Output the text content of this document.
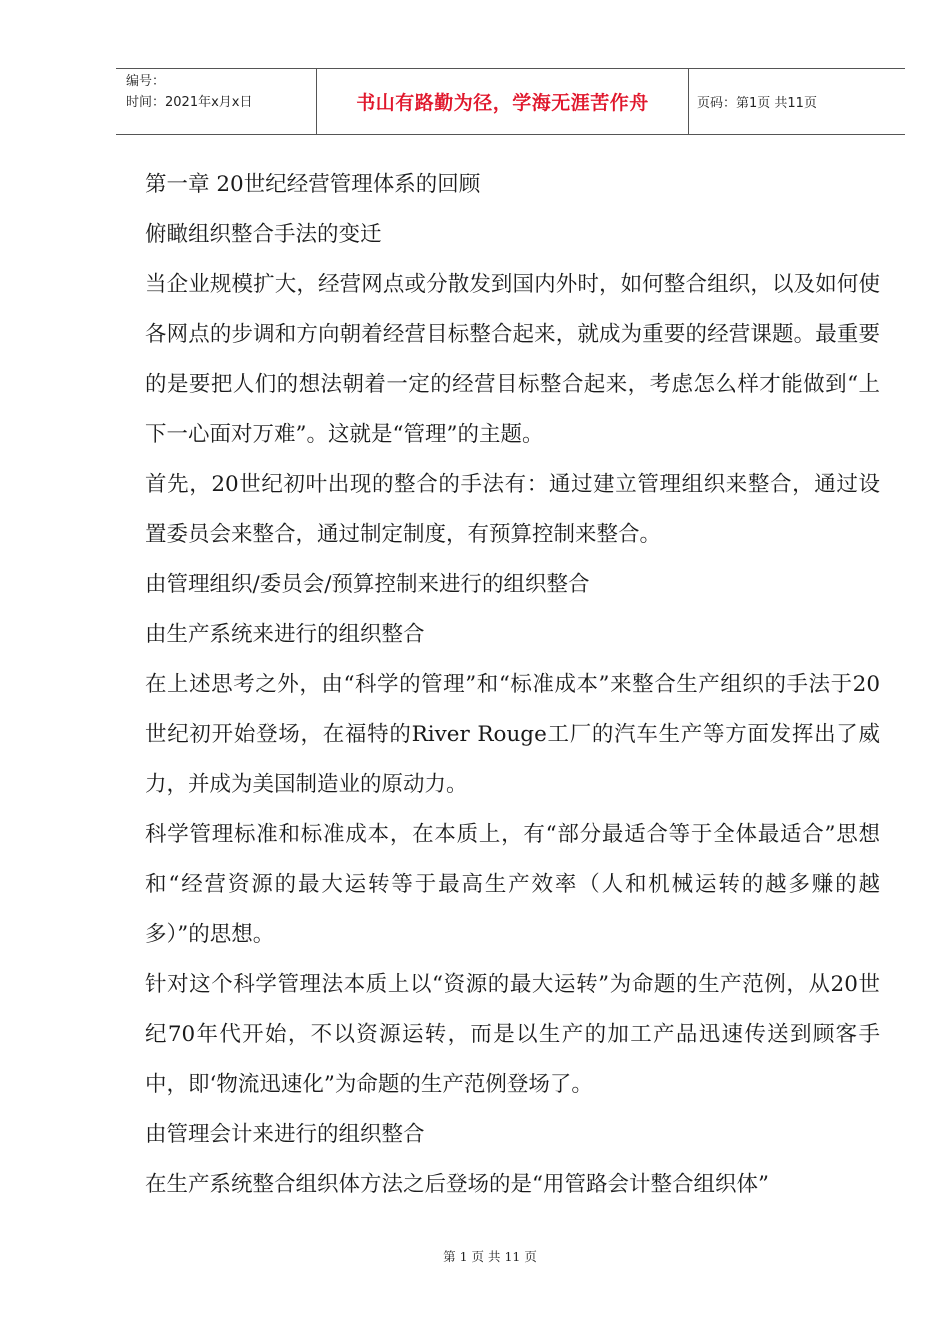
编号：
时间：2021年x月x日	书山有路勤为径，学海无涯苦作舟	页码：第1页 共11页

第一章 20世纪经营管理体系的回顾

俯瞰组织整合手法的变迁

当企业规模扩大，经营网点或分散发到国内外时，如何整合组织，以及如何使各网点的步调和方向朝着经营目标整合起来，就成为重要的经营课题。最重要的是要把人们的想法朝着一定的经营目标整合起来，考虑怎么样才能做到“上下一心面对万难”。这就是“管理”的主题。

首先，20世纪初叶出现的整合的手法有：通过建立管理组织来整合，通过设置委员会来整合，通过制定制度，有预算控制来整合。

由管理组织/委员会/预算控制来进行的组织整合

由生产系统来进行的组织整合

在上述思考之外，由“科学的管理”和“标准成本”来整合生产组织的手法于20世纪初开始登场，在福特的River Rouge工厂的汽车生产等方面发挥出了威力，并成为美国制造业的原动力。

科学管理标准和标准成本，在本质上，有“部分最适合等于全体最适合”思想和“经营资源的最大运转等于最高生产效率（人和机械运转的越多赚的越多）”的思想。

针对这个科学管理法本质上以“资源的最大运转”为命题的生产范例，从20世纪70年代开始，不以资源运转，而是以生产的加工产品迅速传送到顾客手中，即‘物流迅速化”为命题的生产范例登场了。

由管理会计来进行的组织整合

在生产系统整合组织体方法之后登场的是“用管路会计整合组织体”

第 1 页 共 11 页
